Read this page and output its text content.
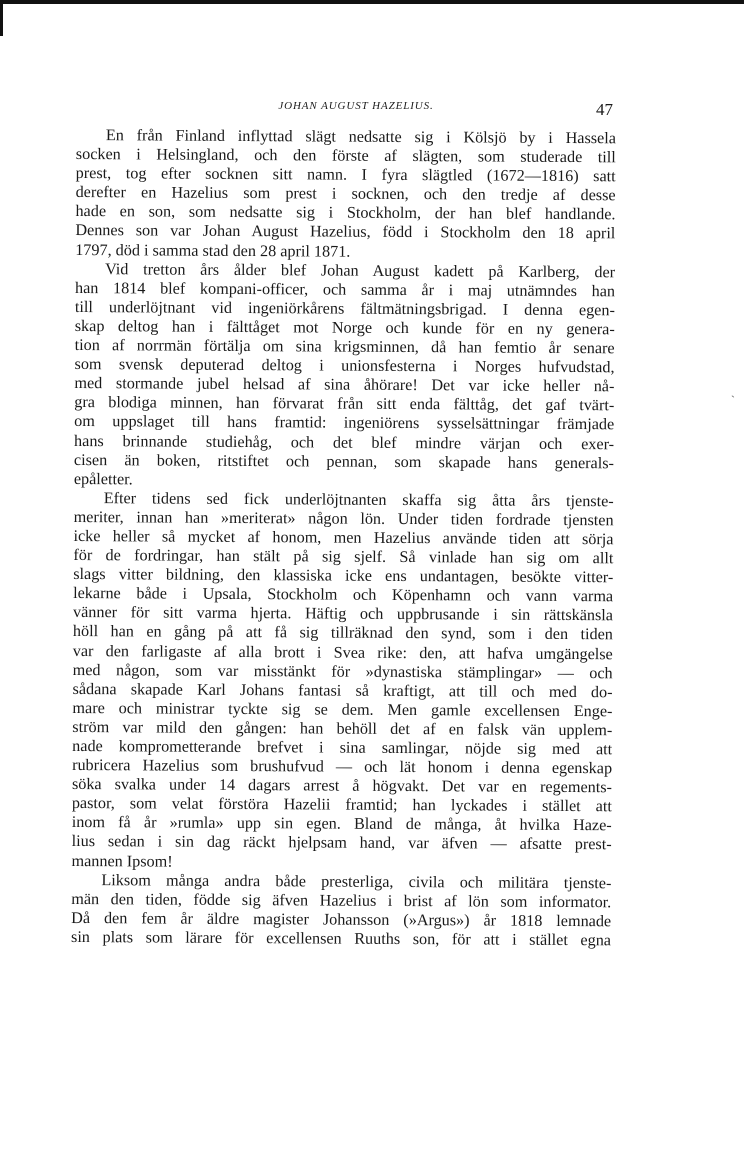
ˎ
JOHAN AUGUST HAZELIUS.	47
En från Finland inflyttad slägt nedsatte sig i Kölsjö by i Hassela
socken i Helsingland, och den förste af slägten, som studerade till
prest, tog efter socknen sitt namn. I fyra slägtled (1672—1816) satt
derefter en Hazelius som prest i socknen, och den tredje af desse
hade en son, som nedsatte sig i Stockholm, der han blef handlande.
Dennes son var Johan August Hazelius, född i Stockholm den 18 april
1797, död i samma stad den 28 april 1871.
Vid tretton års ålder blef Johan August kadett på Karlberg, der
han 1814 blef kompani-officer, och samma år i maj utnämndes han
till underlöjtnant vid ingeniörkårens fältmätningsbrigad. I denna egen-
skap deltog han i fälttåget mot Norge och kunde för en ny genera-
tion af norrmän förtälja om sina krigsminnen, då han femtio år senare
som svensk deputerad deltog i unionsfesterna i Norges hufvudstad,
med stormande jubel helsad af sina åhörare! Det var icke heller nå-
gra blodiga minnen, han förvarat från sitt enda fälttåg, det gaf tvärt-
om uppslaget till hans framtid: ingeniörens sysselsättningar främjade
hans brinnande studiehåg, och det blef mindre värjan och exer-
cisen än boken, ritstiftet och pennan, som skapade hans generals-
epåletter.
Efter tidens sed fick underlöjtnanten skaffa sig åtta års tjenste-
meriter, innan han »meriterat» någon lön. Under tiden fordrade tjensten
icke heller så mycket af honom, men Hazelius använde tiden att sörja
för de fordringar, han stält på sig sjelf. Så vinlade han sig om allt
slags vitter bildning, den klassiska icke ens undantagen, besökte vitter-
lekarne både i Upsala, Stockholm och Köpenhamn och vann varma
vänner för sitt varma hjerta. Häftig och uppbrusande i sin rättskänsla
höll han en gång på att få sig tillräknad den synd, som i den tiden
var den farligaste af alla brott i Svea rike: den, att hafva umgängelse
med någon, som var misstänkt för »dynastiska stämplingar» — och
sådana skapade Karl Johans fantasi så kraftigt, att till och med do-
mare och ministrar tyckte sig se dem. Men gamle excellensen Enge-
ström var mild den gången: han behöll det af en falsk vän upplem-
nade komprometterande brefvet i sina samlingar, nöjde sig med att
rubricera Hazelius som brushufvud — och lät honom i denna egenskap
söka svalka under 14 dagars arrest å högvakt. Det var en regements-
pastor, som velat förstöra Hazelii framtid; han lyckades i stället att
inom få år »rumla» upp sin egen. Bland de många, åt hvilka Haze-
lius sedan i sin dag räckt hjelpsam hand, var äfven — afsatte prest-
mannen Ipsom!
Liksom många andra både presterliga, civila och militära tjenste-
män den tiden, födde sig äfven Hazelius i brist af lön som informator.
Då den fem år äldre magister Johansson (»Argus») år 1818 lemnade
sin plats som lärare för excellensen Ruuths son, för att i stället egna
